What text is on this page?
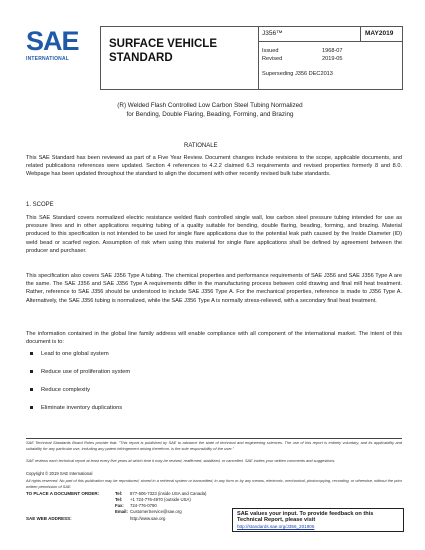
SAE
INTERNATIONAL
SURFACE VEHICLE
STANDARD
J356™	MAY2019
Issued	1968-07
Revised	2019-05
Superseding J356 DEC2013
(R) Welded Flash Controlled Low Carbon Steel Tubing Normalized
for Bending, Double Flaring, Beading, Forming, and Brazing
RATIONALE
This SAE Standard has been reviewed as part of a Five Year Review. Document changes include revisions to the scope, applicable documents, and related publications references were updated. Section 4 references to 4.2.2 claimed 6.3 requirements and revised properties formerly 8 and 8.0. Webpage has been updated throughout the standard to align the document with other recently revised bulk tube standards.
1. SCOPE
This SAE Standard covers normalized electric resistance welded flash controlled single wall, low carbon steel pressure tubing intended for use as pressure lines and in other applications requiring tubing of a quality suitable for bending, double flaring, beading, forming, and brazing. Material produced to this specification is not intended to be used for single flare applications due to the potential leak path caused by the Inside Diameter (ID) weld bead or scarfed region. Assumption of risk when using this material for single flare applications shall be defined by agreement between the producer and purchaser.
This specification also covers SAE J356 Type A tubing. The chemical properties and performance requirements of SAE J356 and SAE J356 Type A are the same. The SAE J356 and SAE J356 Type A requirements differ in the manufacturing process between cold drawing and final mill heat treatment. Rather, reference to SAE J356 should be understood to include SAE J356 Type A. For the mechanical properties, reference is made to J356 Type A. Alternatively, the SAE J356 tubing is normalized, while the SAE J356 Type A is normally stress-relieved, with a secondary final heat treatment.
The information contained in the global line family address will enable compliance with all component of the international market. The intent of this document is to:
Lead to one global system
Reduce use of proliferation system
Reduce complexity
Eliminate inventory duplications
SAE Technical Standards Board Rules provide that: "This report is published by SAE to advance the state of technical and engineering sciences. The use of this report is entirely voluntary, and its applicability and suitability for any particular use, including any patent infringement arising therefrom, is the sole responsibility of the user."
SAE reviews each technical report at least every five years at which time it may be revised, reaffirmed, stabilized, or cancelled. SAE invites your written comments and suggestions.
Copyright © 2019 SAE International
All rights reserved. No part of this publication may be reproduced, stored in a retrieval system or transmitted, in any form or by any means, electronic, mechanical, photocopying, recording, or otherwise, without the prior written permission of SAE.
TO PLACE A DOCUMENT ORDER:	Tel: 877-606-7323 (inside USA and Canada)
Tel: +1 724-776-4970 (outside USA)
Fax: 724-776-0790
Email: CustomerService@sae.org
SAE WEB ADDRESS:	http://www.sae.org
SAE values your input. To provide feedback on this Technical Report, please visit
http://standards.sae.org/J356_201905
